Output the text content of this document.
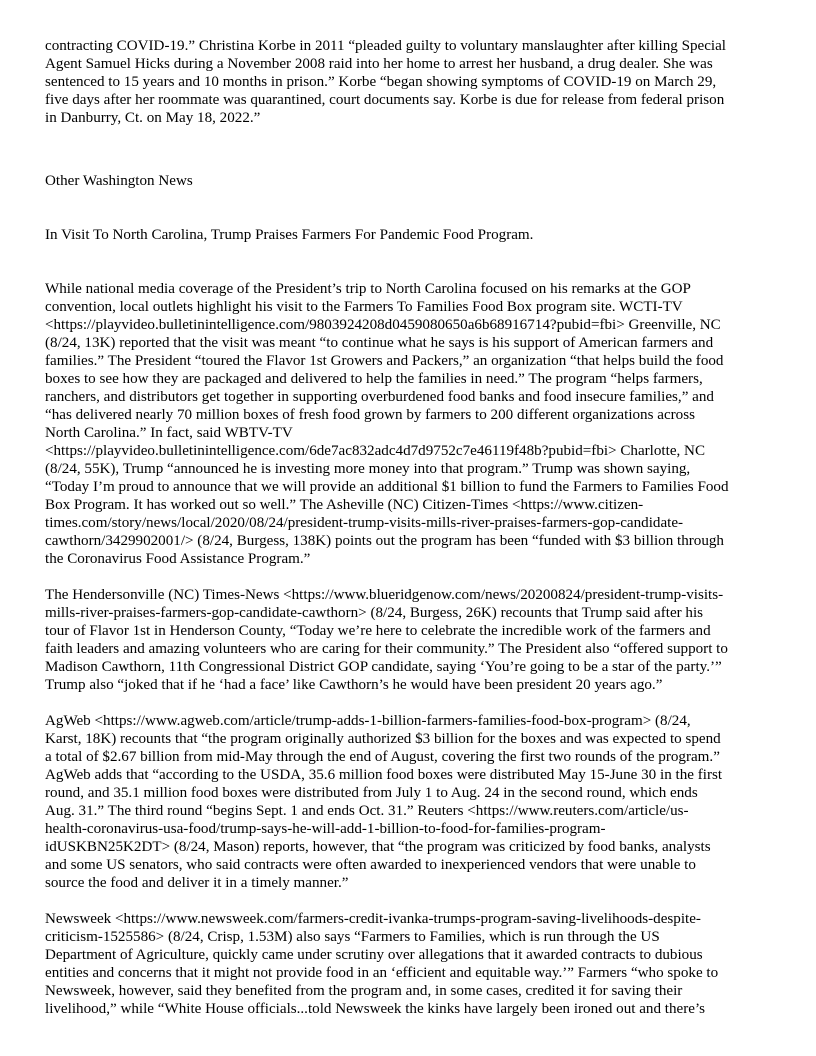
contracting COVID-19.” Christina Korbe in 2011 “pleaded guilty to voluntary manslaughter after killing Special
Agent Samuel Hicks during a November 2008 raid into her home to arrest her husband, a drug dealer. She was
sentenced to 15 years and 10 months in prison.” Korbe “began showing symptoms of COVID-19 on March 29,
five days after her roommate was quarantined, court documents say. Korbe is due for release from federal prison
in Danburry, Ct. on May 18, 2022.”

Other Washington News

In Visit To North Carolina, Trump Praises Farmers For Pandemic Food Program.

While national media coverage of the President’s trip to North Carolina focused on his remarks at the GOP
convention, local outlets highlight his visit to the Farmers To Families Food Box program site. WCTI-TV
<https://playvideo.bulletinintelligence.com/9803924208d0459080650a6b68916714?pubid=fbi> Greenville, NC
(8/24, 13K) reported that the visit was meant “to continue what he says is his support of American farmers and
families.” The President “toured the Flavor 1st Growers and Packers,” an organization “that helps build the food
boxes to see how they are packaged and delivered to help the families in need.” The program “helps farmers,
ranchers, and distributors get together in supporting overburdened food banks and food insecure families,” and
“has delivered nearly 70 million boxes of fresh food grown by farmers to 200 different organizations across
North Carolina.” In fact, said WBTV-TV
<https://playvideo.bulletinintelligence.com/6de7ac832adc4d7d9752c7e46119f48b?pubid=fbi> Charlotte, NC
(8/24, 55K), Trump “announced he is investing more money into that program.” Trump was shown saying,
“Today I’m proud to announce that we will provide an additional $1 billion to fund the Farmers to Families Food
Box Program. It has worked out so well.” The Asheville (NC) Citizen-Times <https://www.citizen-
times.com/story/news/local/2020/08/24/president-trump-visits-mills-river-praises-farmers-gop-candidate-
cawthorn/3429902001/> (8/24, Burgess, 138K) points out the program has been “funded with $3 billion through
the Coronavirus Food Assistance Program.”

The Hendersonville (NC) Times-News <https://www.blueridgenow.com/news/20200824/president-trump-visits-
mills-river-praises-farmers-gop-candidate-cawthorn> (8/24, Burgess, 26K) recounts that Trump said after his
tour of Flavor 1st in Henderson County, “Today we’re here to celebrate the incredible work of the farmers and
faith leaders and amazing volunteers who are caring for their community.” The President also “offered support to
Madison Cawthorn, 11th Congressional District GOP candidate, saying ‘You’re going to be a star of the party.’”
Trump also “joked that if he ‘had a face’ like Cawthorn’s he would have been president 20 years ago.”

AgWeb <https://www.agweb.com/article/trump-adds-1-billion-farmers-families-food-box-program> (8/24,
Karst, 18K) recounts that “the program originally authorized $3 billion for the boxes and was expected to spend
a total of $2.67 billion from mid-May through the end of August, covering the first two rounds of the program.”
AgWeb adds that “according to the USDA, 35.6 million food boxes were distributed May 15-June 30 in the first
round, and 35.1 million food boxes were distributed from July 1 to Aug. 24 in the second round, which ends
Aug. 31.” The third round “begins Sept. 1 and ends Oct. 31.” Reuters <https://www.reuters.com/article/us-
health-coronavirus-usa-food/trump-says-he-will-add-1-billion-to-food-for-families-program-
idUSKBN25K2DT> (8/24, Mason) reports, however, that “the program was criticized by food banks, analysts
and some US senators, who said contracts were often awarded to inexperienced vendors that were unable to
source the food and deliver it in a timely manner.”

Newsweek <https://www.newsweek.com/farmers-credit-ivanka-trumps-program-saving-livelihoods-despite-
criticism-1525586> (8/24, Crisp, 1.53M) also says “Farmers to Families, which is run through the US
Department of Agriculture, quickly came under scrutiny over allegations that it awarded contracts to dubious
entities and concerns that it might not provide food in an ‘efficient and equitable way.’” Farmers “who spoke to
Newsweek, however, said they benefited from the program and, in some cases, credited it for saving their
livelihood,” while “White House officials...told Newsweek the kinks have largely been ironed out and there’s
